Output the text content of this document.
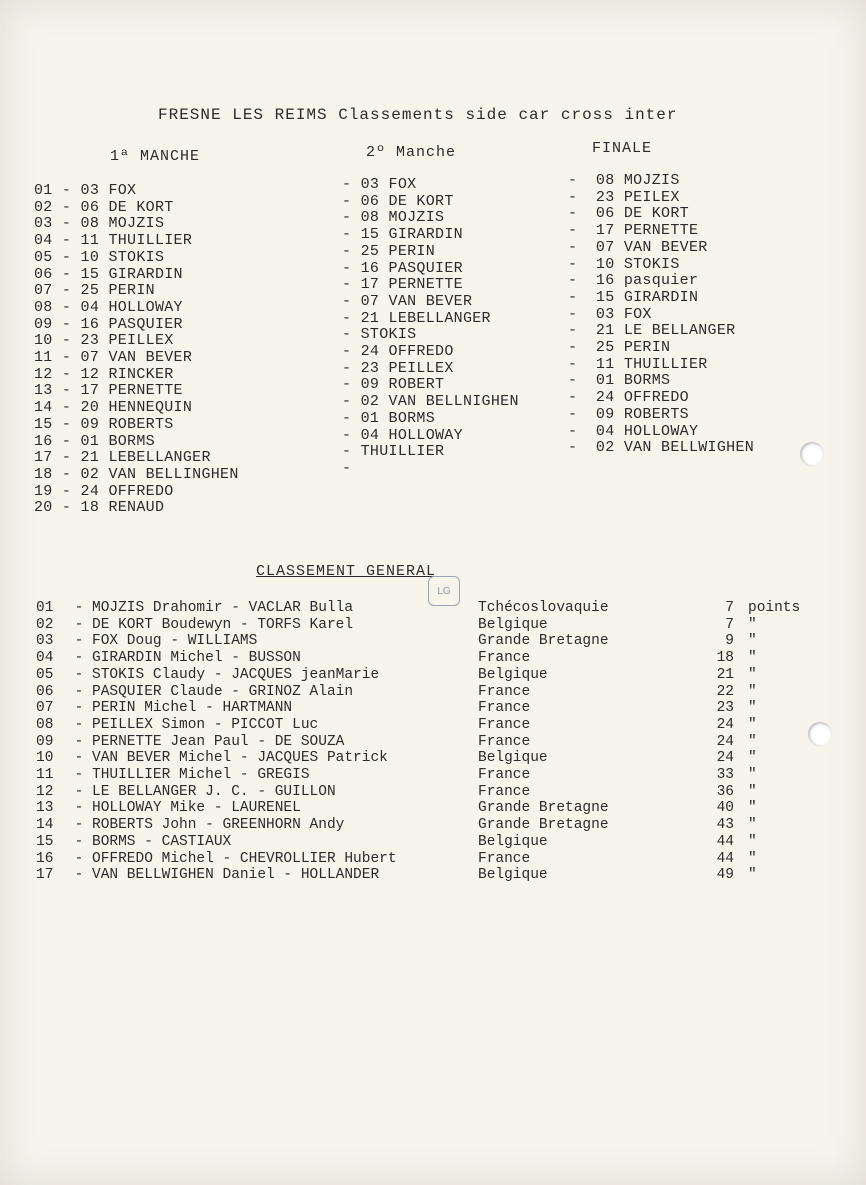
FRESNE LES REIMS Classements side car cross inter
1ª MANCHE	2º Manche	FINALE
01 - 03 FOX
02 - 06 DE KORT
03 - 08 MOJZIS
04 - 11 THUILLIER
05 - 10 STOKIS
06 - 15 GIRARDIN
07 - 25 PERIN
08 - 04 HOLLOWAY
09 - 16 PASQUIER
10 - 23 PEILLEX
11 - 07 VAN BEVER
12 - 12 RINCKER
13 - 17 PERNETTE
14 - 20 HENNEQUIN
15 - 09 ROBERTS
16 - 01 BORMS
17 - 21 LEBELLANGER
18 - 02 VAN BELLINGHEN
19 - 24 OFFREDO
20 - 18 RENAUD
- 03 FOX
- 06 DE KORT
- 08 MOJZIS
- 15 GIRARDIN
- 25 PERIN
- 16 PASQUIER
- 17 PERNETTE
- 07 VAN BEVER
- 21 LEBELLANGER
- STOKIS
- 24 OFFREDO
- 23 PEILLEX
- 09 ROBERT
- 02 VAN BELLNIGHEN
- 01 BORMS
- 04 HOLLOWAY
- THUILLIER
-
-  08 MOJZIS
-  23 PEILEX
-  06 DE KORT
-  17 PERNETTE
-  07 VAN BEVER
-  10 STOKIS
-  16 pasquier
-  15 GIRARDIN
-  03 FOX
-  21 LE BELLANGER
-  25 PERIN
-  11 THUILLIER
-  01 BORMS
-  24 OFFREDO
-  09 ROBERTS
-  04 HOLLOWAY
-  02 VAN BELLWIGHEN
CLASSEMENT GENERAL
LG
01 - MOJZIS Drahomir - VACLAR Bulla	Tchécoslovaquie	7 points
02 - DE KORT Boudewyn - TORFS Karel	Belgique	7 "
03 - FOX Doug - WILLIAMS	Grande Bretagne	9 "
04 - GIRARDIN Michel - BUSSON	France	18 "
05 - STOKIS Claudy - JACQUES jeanMarie	Belgique	21 "
06 - PASQUIER Claude - GRINOZ Alain	France	22 "
07 - PERIN Michel - HARTMANN	France	23 "
08 - PEILLEX Simon - PICCOT Luc	France	24 "
09 - PERNETTE Jean Paul - DE SOUZA	France	24 "
10 - VAN BEVER Michel - JACQUES Patrick	Belgique	24 "
11 - THUILLIER Michel - GREGIS	France	33 "
12 - LE BELLANGER J. C. - GUILLON	France	36 "
13 - HOLLOWAY Mike - LAURENEL	Grande Bretagne	40 "
14 - ROBERTS John - GREENHORN Andy	Grande Bretagne	43 "
15 - BORMS - CASTIAUX	Belgique	44 "
16 - OFFREDO Michel - CHEVROLLIER Hubert	France	44 "
17 - VAN BELLWIGHEN Daniel - HOLLANDER	Belgique	49 "
